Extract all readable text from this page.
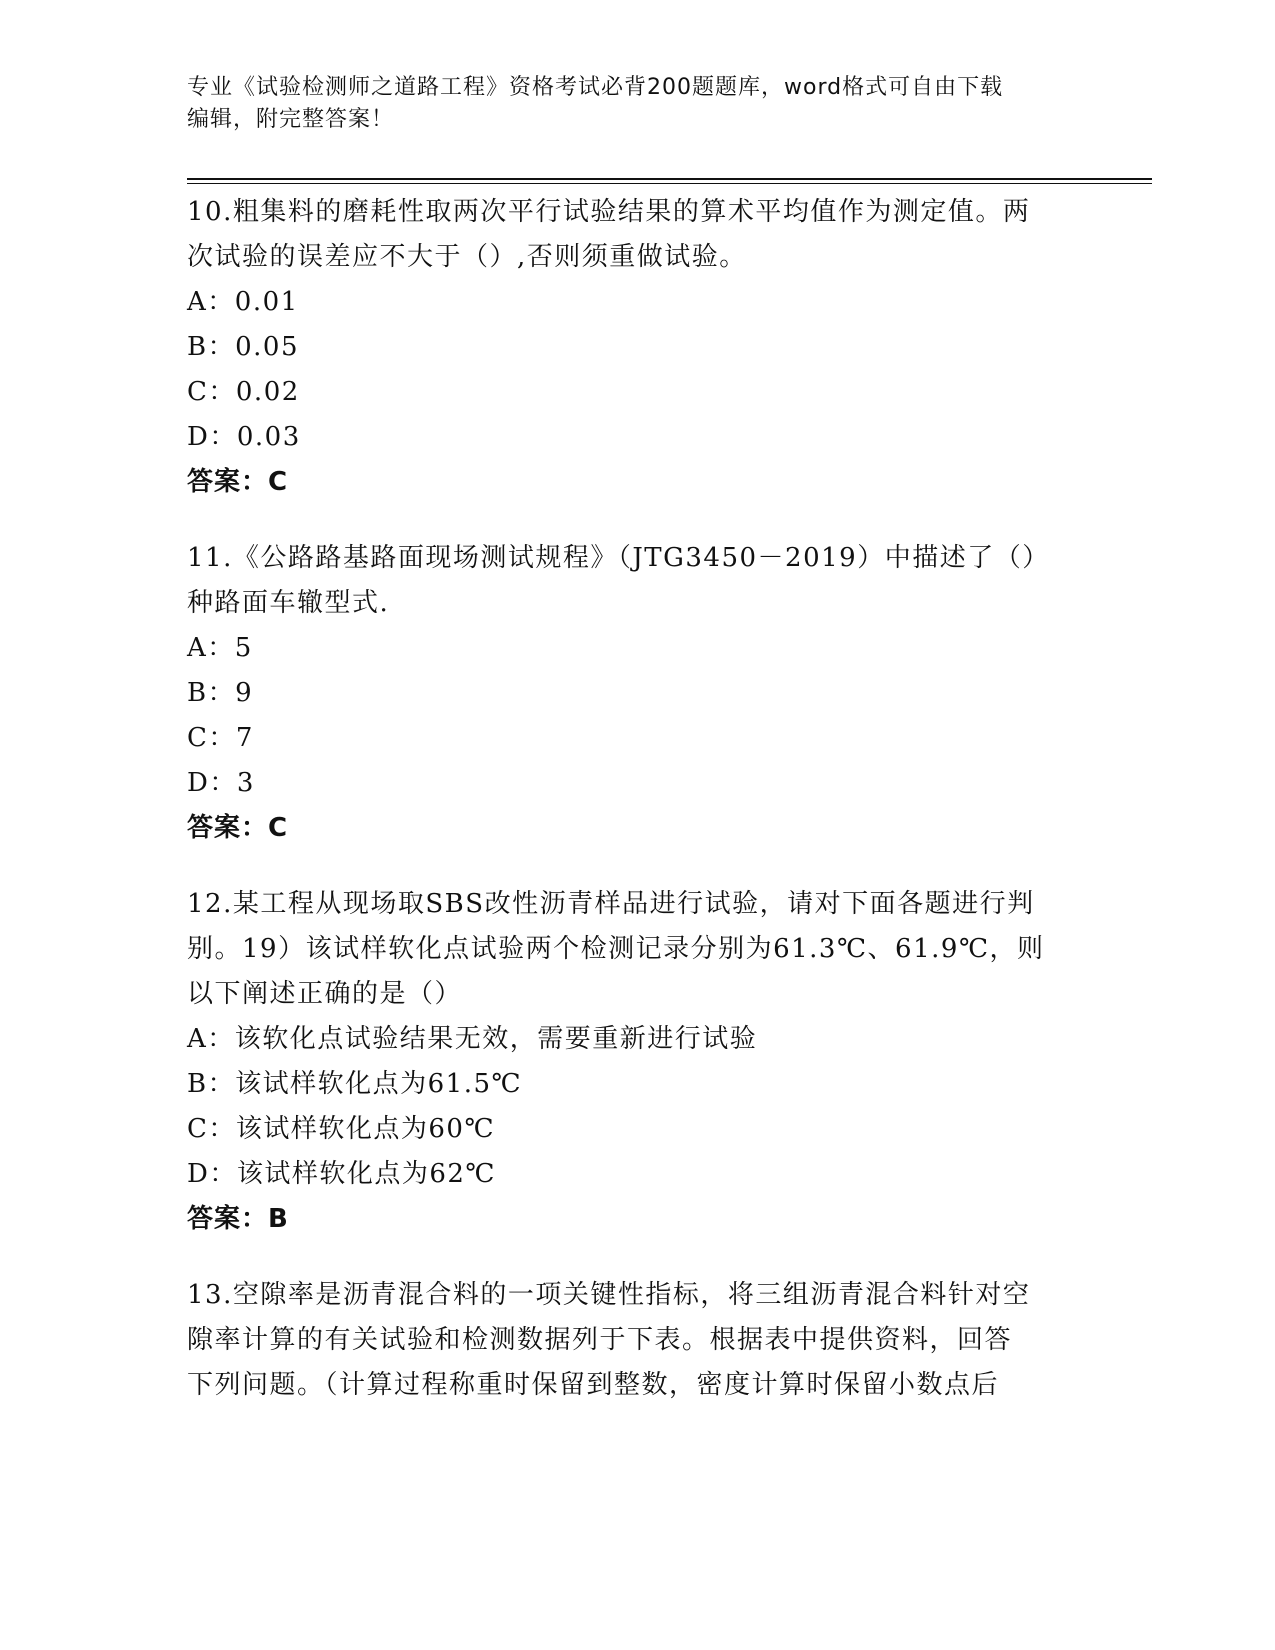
专业《试验检测师之道路工程》资格考试必背200题题库，word格式可自由下载
编辑，附完整答案！
10.粗集料的磨耗性取两次平行试验结果的算术平均值作为测定值。两
次试验的误差应不大于（）,否则须重做试验。
A：0.01
B：0.05
C：0.02
D：0.03
答案：C
11.《公路路基路面现场测试规程》（JTG3450－2019）中描述了（）
种路面车辙型式.
A：5
B：9
C：7
D：3
答案：C
12.某工程从现场取SBS改性沥青样品进行试验，请对下面各题进行判
别。19）该试样软化点试验两个检测记录分别为61.3℃、61.9℃，则
以下阐述正确的是（）
A：该软化点试验结果无效，需要重新进行试验
B：该试样软化点为61.5℃
C：该试样软化点为60℃
D：该试样软化点为62℃
答案：B
13.空隙率是沥青混合料的一项关键性指标，将三组沥青混合料针对空
隙率计算的有关试验和检测数据列于下表。根据表中提供资料，回答
下列问题。（计算过程称重时保留到整数，密度计算时保留小数点后
